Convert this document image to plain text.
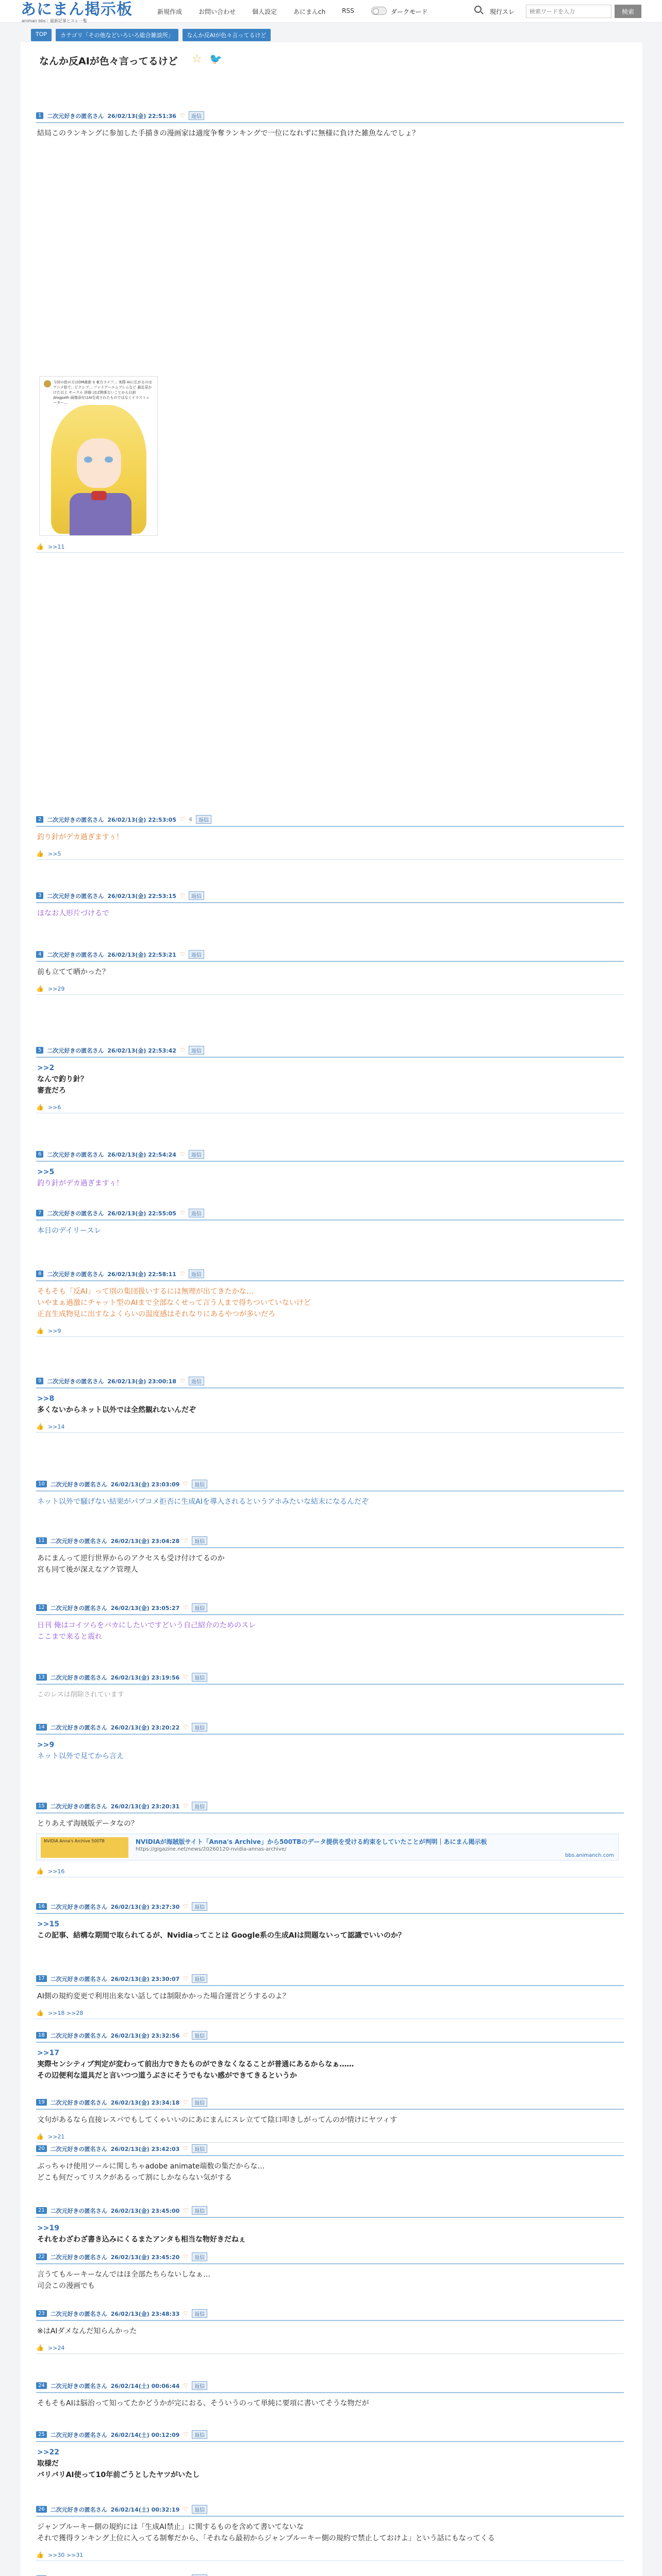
あにまん掲示板
animan bbs｜最新記事とスレ一覧
新規作成	お問い合わせ	個人設定	あにまんch	RSS	ダークモード	現行スレ
検索ワードを入力	検索
TOP	カテゴリ「その他などいろいろ総合雑談所」	なんか反AIが色々言ってるけど
なんか反AIが色々言ってるけど ☆ 🐦
1	二次元好きの匿名さん 26/02/13(金) 22:51:36 ♡	返信
結局このランキングに参加した手描きの漫画家は適度争奪ランキングで一位になれずに無様に負けた雑魚なんでしょ？
今回の絵の方はDM最新 S 東方ライフ... 実際 AIに広がるのはアニメ絵で、ピクシブ... ファイアーエムブレムなど 最近見かけた以上 サークル 詳細 ほぼ関係ないことから以前 Alogpath 画像添付はAI生成されたものではなくイラストレーター...
👍 >>11
2	二次元好きの匿名さん 26/02/13(金) 22:53:05 ♡ 4	返信
釣り針がデカ過ぎますぅ！
👍 >>5
3	二次元好きの匿名さん 26/02/13(金) 22:53:15 ♡	返信
ほなお人形片づけるで
4	二次元好きの匿名さん 26/02/13(金) 22:53:21 ♡	返信
前も立てて晒かった？
👍 >>29
5	二次元好きの匿名さん 26/02/13(金) 22:53:42 ♡	返信
>>2
なんで釣り針？
審査だろ
👍 >>6
6	二次元好きの匿名さん 26/02/13(金) 22:54:24 ♡	返信
>>5
釣り針がデカ過ぎますぅ！
7	二次元好きの匿名さん 26/02/13(金) 22:55:05 ♡	返信
本日のデイリースレ
8	二次元好きの匿名さん 26/02/13(金) 22:58:11 ♡	返信
そもそも「反AI」って別の集団扱いするには無理が出てきたかな…
いやまぁ過激にチャット型のAIまで全部なくせって言う人まで得ちついていないけど
正直生成物見に出すなよくらいの温度感はそれなりにあるやつが多いだろ
👍 >>9
9	二次元好きの匿名さん 26/02/13(金) 23:00:18 ♡	返信
>>8
多くないからネット以外では全然観れないんだぞ
👍 >>14
10	二次元好きの匿名さん 26/02/13(金) 23:03:09 ♡	返信
ネット以外で騒げない結果がパブコメ拒否に生成AIを導入されるというアホみたいな結末になるんだぞ
11	二次元好きの匿名さん 26/02/13(金) 23:04:28 ♡	返信
あにまんって逆行世界からのアクセスも受け付けてるのか
宮も同て後が深えなアク管理人
12	二次元好きの匿名さん 26/02/13(金) 23:05:27 ♡	返信
日刊 俺はコイツらをバカにしたいですどいう自己紹介のためのスレ
ここまで来ると震れ
13	二次元好きの匿名さん 26/02/13(金) 23:19:56 ♡	返信
このレスは削除されています
14	二次元好きの匿名さん 26/02/13(金) 23:20:22 ♡	返信
>>9
ネット以外で見てから言え
15	二次元好きの匿名さん 26/02/13(金) 23:20:31 ♡	返信
とりあえず海賊版データなの？
NVIDIA Anna's Archive 500TB	NVIDIAが海賊版サイト「Anna's Archive」から500TBのデータ提供を受ける約束をしていたことが判明｜あにまん掲示板
https://gigazine.net/news/20260120-nvidia-annas-archive/
bbs.animanch.com
👍 >>16
16	二次元好きの匿名さん 26/02/13(金) 23:27:30 ♡	返信
>>15
この記事、結構な期間で取られてるが、Nvidiaってことは Google系の生成AIは問題ないって認識でいいのか？
17	二次元好きの匿名さん 26/02/13(金) 23:30:07 ♡	返信
AI側の規約変更で利用出来ない話しては制限かかった場合運営どうするのよ？
👍 >>18 >>28
18	二次元好きの匿名さん 26/02/13(金) 23:32:56 ♡	返信
>>17
実際センシティブ判定が変わって前出力できたものができなくなることが普通にあるからなぁ……
その辺便利な道具だと言いつつ道うぶさにそうでもない感ができてきるというか
19	二次元好きの匿名さん 26/02/13(金) 23:34:18 ♡	返信
文句があるなら直接レスバでもしてくゃいいのにあにまんにスレ立てて陰口叩きしがってんのが情けにヤツィす
👍 >>21
20	二次元好きの匿名さん 26/02/13(金) 23:42:03 ♡	返信
ぶっちゃけ使用ツールに関しちゃadobe animate端数の集だからな…
どこも何だってリスクがあるって割にしかならない気がする
21	二次元好きの匿名さん 26/02/13(金) 23:45:00 ♡	返信
>>19
それをわざわざ書き込みにくるまたアンタも相当な物好きだねぇ
22	二次元好きの匿名さん 26/02/13(金) 23:45:20 ♡	返信
言うてもルーキーなんではほ全部たちらないしなぁ…
司会この漫画でも
23	二次元好きの匿名さん 26/02/13(金) 23:48:33 ♡	返信
※はAIダメなんだ知らんかった
👍 >>24
24	二次元好きの匿名さん 26/02/14(土) 00:06:44 ♡	返信
そもそもAIは脳治って知ってたかどうかが完におる、そういうのって単純に要項に書いてそうな物だが
25	二次元好きの匿名さん 26/02/14(土) 00:12:09 ♡	返信
>>22
取様だ
バリバリAI使って10年前ごうとしたヤツがいたし
26	二次元好きの匿名さん 26/02/14(土) 00:32:19 ♡	返信
ジャンプルーキー側の規約には「生成AI禁止」に関するものを含めて書いてないな
それで獲得ランキング上位に入ってる制奪だから、「それなら最初からジャンプルーキー側の規約で禁止しておけよ」という話にもなってくる
👍 >>30 >>31
